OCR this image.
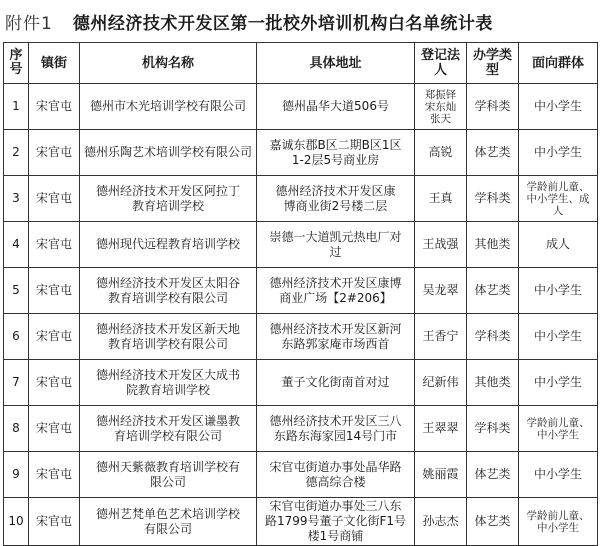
附件1 德州经济技术开发区第一批校外培训机构白名单统计表
序号	镇街	机构名称	具体地址	登记法人	办学类型	面向群体
1	宋官屯	德州市木光培训学校有限公司	德州晶华大道506号	郑振铎
宋东灿
张天	学科类	中小学生
2	宋官屯	德州乐陶艺术培训学校有限公司	嘉诚东郡B区二期B区1区
1-2层5号商业房	高锐	体艺类	中小学生
3	宋官屯	德州经济技术开发区阿拉丁
教育培训学校	德州经济技术开发区康
博商业街2号楼二层	王真	学科类	学龄前儿童、
中小学生、成
人
4	宋官屯	德州现代远程教育培训学校	崇德一大道凯元热电厂对
过	王战强	其他类	成人
5	宋官屯	德州经济技术开发区太阳谷
教育培训学校有限公司	德州经济技术开发区康博
商业广场【2#206】	吴龙翠	体艺类	中小学生
6	宋官屯	德州经济技术开发区新天地
教育培训学校有限公司	德州经济技术开发区新河
东路郭家庵市场西首	王香宁	学科类	中小学生
7	宋官屯	德州经济技术开发区大成书
院教育培训学校	董子文化街南首对过	纪新伟	其他类	中小学生
8	宋官屯	德州经济技术开发区谦墨教
育培训学校有限公司	德州经济技术开发区三八
东路东海家园14号门市	王翠翠	学科类	学龄前儿童、
中小学生
9	宋官屯	德州天紫薇教育培训学校有
限公司	宋官屯街道办事处晶华路
德高综合楼	姚丽霞	体艺类	中小学生
10	宋官屯	德州艺梵单色艺术培训学校
有限公司	宋官屯街道办事处三八东
路1799号董子文化街F1号
楼1号商铺	孙志杰	体艺类	学龄前儿童、
中小学生
